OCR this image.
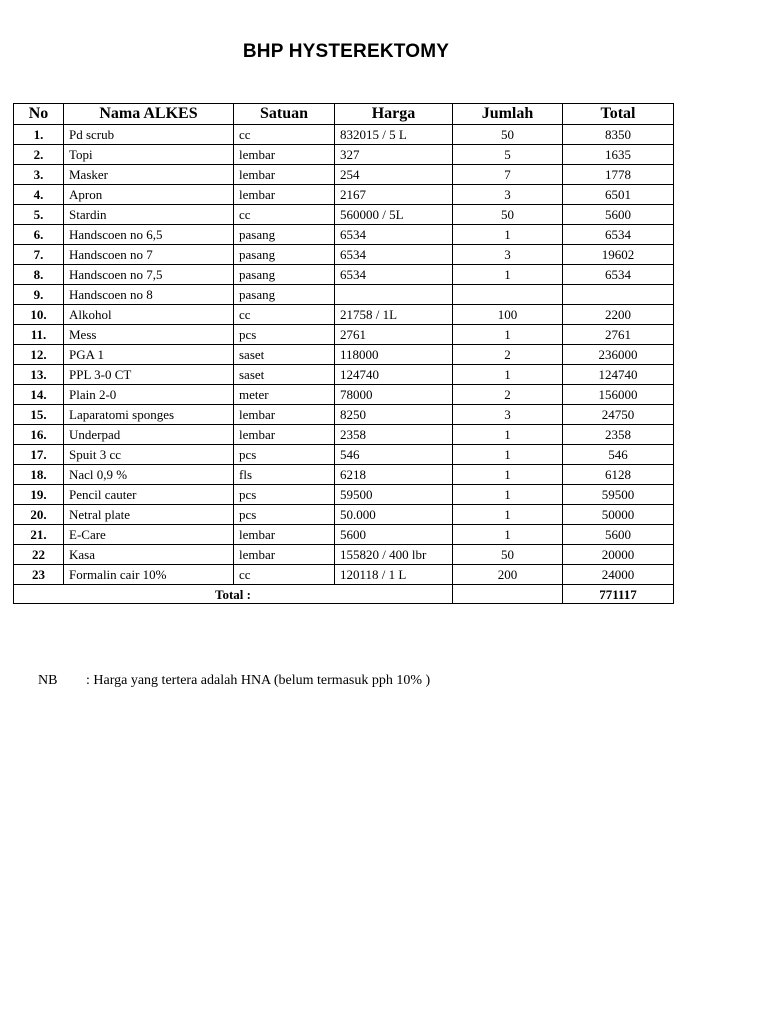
BHP HYSTEREKTOMY
No	Nama ALKES	Satuan	Harga	Jumlah	Total
1.	Pd scrub	cc	832015 / 5 L	50	8350
2.	Topi	lembar	327	5	1635
3.	Masker	lembar	254	7	1778
4.	Apron	lembar	2167	3	6501
5.	Stardin	cc	560000 / 5L	50	5600
6.	Handscoen no 6,5	pasang	6534	1	6534
7.	Handscoen no 7	pasang	6534	3	19602
8.	Handscoen no 7,5	pasang	6534	1	6534
9.	Handscoen no 8	pasang			
10.	Alkohol	cc	21758 / 1L	100	2200
11.	Mess	pcs	2761	1	2761
12.	PGA 1	saset	118000	2	236000
13.	PPL 3-0 CT	saset	124740	1	124740
14.	Plain 2-0	meter	78000	2	156000
15.	Laparatomi sponges	lembar	8250	3	24750
16.	Underpad	lembar	2358	1	2358
17.	Spuit 3 cc	pcs	546	1	546
18.	Nacl 0,9 %	fls	6218	1	6128
19.	Pencil cauter	pcs	59500	1	59500
20.	Netral plate	pcs	50.000	1	50000
21.	E-Care	lembar	5600	1	5600
22	Kasa	lembar	155820 / 400 lbr	50	20000
23	Formalin cair 10%	cc	120118 / 1 L	200	24000
Total :					771117
NB : Harga yang tertera adalah HNA (belum termasuk pph 10% )
